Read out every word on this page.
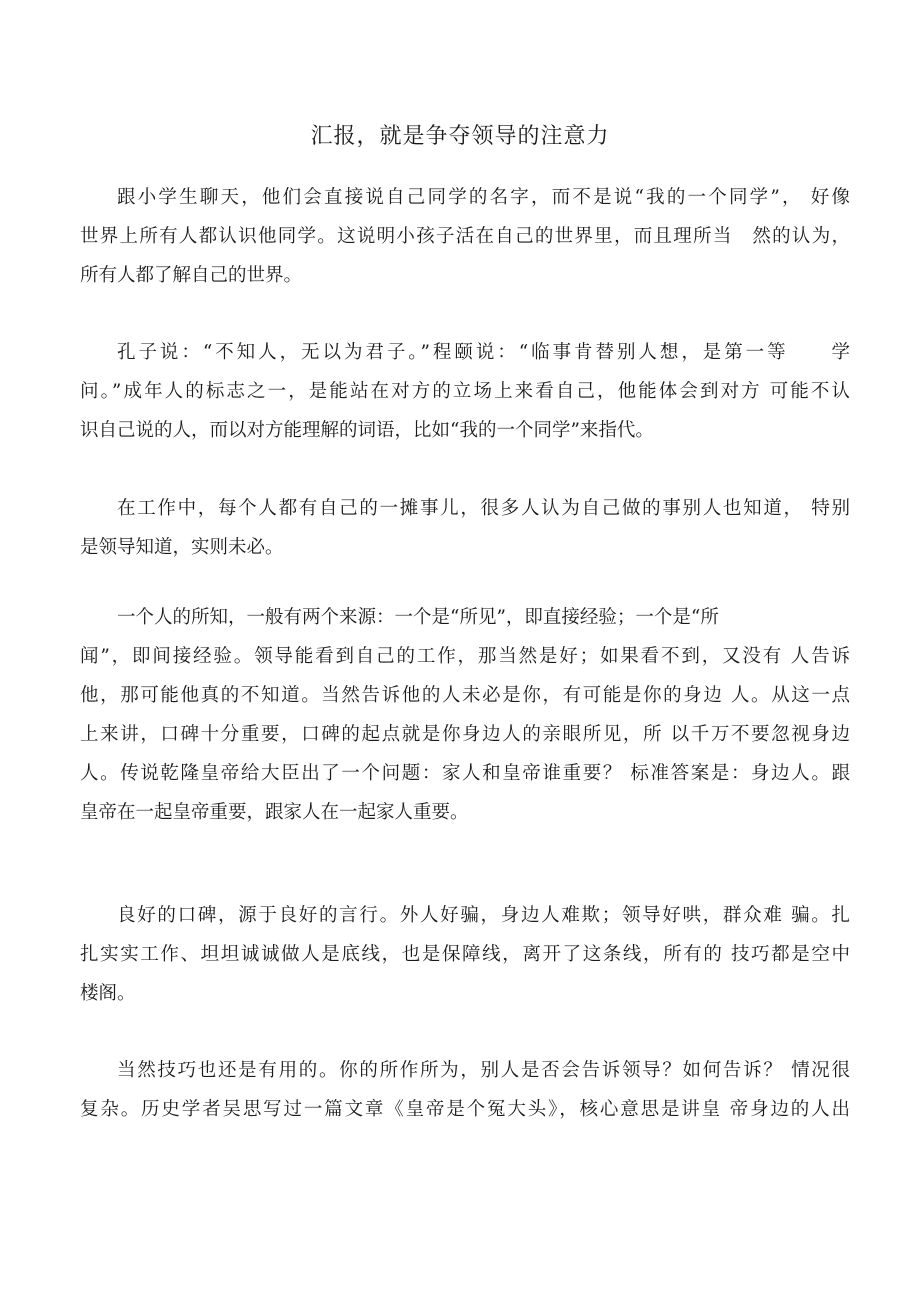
汇报，就是争夺领导的注意力
跟小学生聊天，他们会直接说自己同学的名字，而不是说“我的一个同学”， 好像
世界上所有人都认识他同学。这说明小孩子活在自己的世界里，而且理所当　然的认为，
所有人都了解自己的世界。
孔子说：“不知人，无以为君子。”程颐说：“临事肯替别人想，是第一等　　学
问。”成年人的标志之一，是能站在对方的立场上来看自己，他能体会到对方 可能不认
识自己说的人，而以对方能理解的词语，比如“我的一个同学”来指代。
在工作中，每个人都有自己的一摊事儿，很多人认为自己做的事别人也知道， 特别
是领导知道，实则未必。
一个人的所知，一般有两个来源：一个是“所见”，即直接经验；一个是“所
闻”，即间接经验。领导能看到自己的工作，那当然是好；如果看不到，又没有 人告诉
他，那可能他真的不知道。当然告诉他的人未必是你，有可能是你的身边 人。从这一点
上来讲，口碑十分重要，口碑的起点就是你身边人的亲眼所见，所 以千万不要忽视身边
人。传说乾隆皇帝给大臣出了一个问题：家人和皇帝谁重要？ 标准答案是：身边人。跟
皇帝在一起皇帝重要，跟家人在一起家人重要。
良好的口碑，源于良好的言行。外人好骗，身边人难欺；领导好哄，群众难 骗。扎
扎实实工作、坦坦诚诚做人是底线，也是保障线，离开了这条线，所有的 技巧都是空中
楼阁。
当然技巧也还是有用的。你的所作所为，别人是否会告诉领导？如何告诉？ 情况很
复杂。历史学者吴思写过一篇文章《皇帝是个冤大头》，核心意思是讲皇 帝身边的人出
